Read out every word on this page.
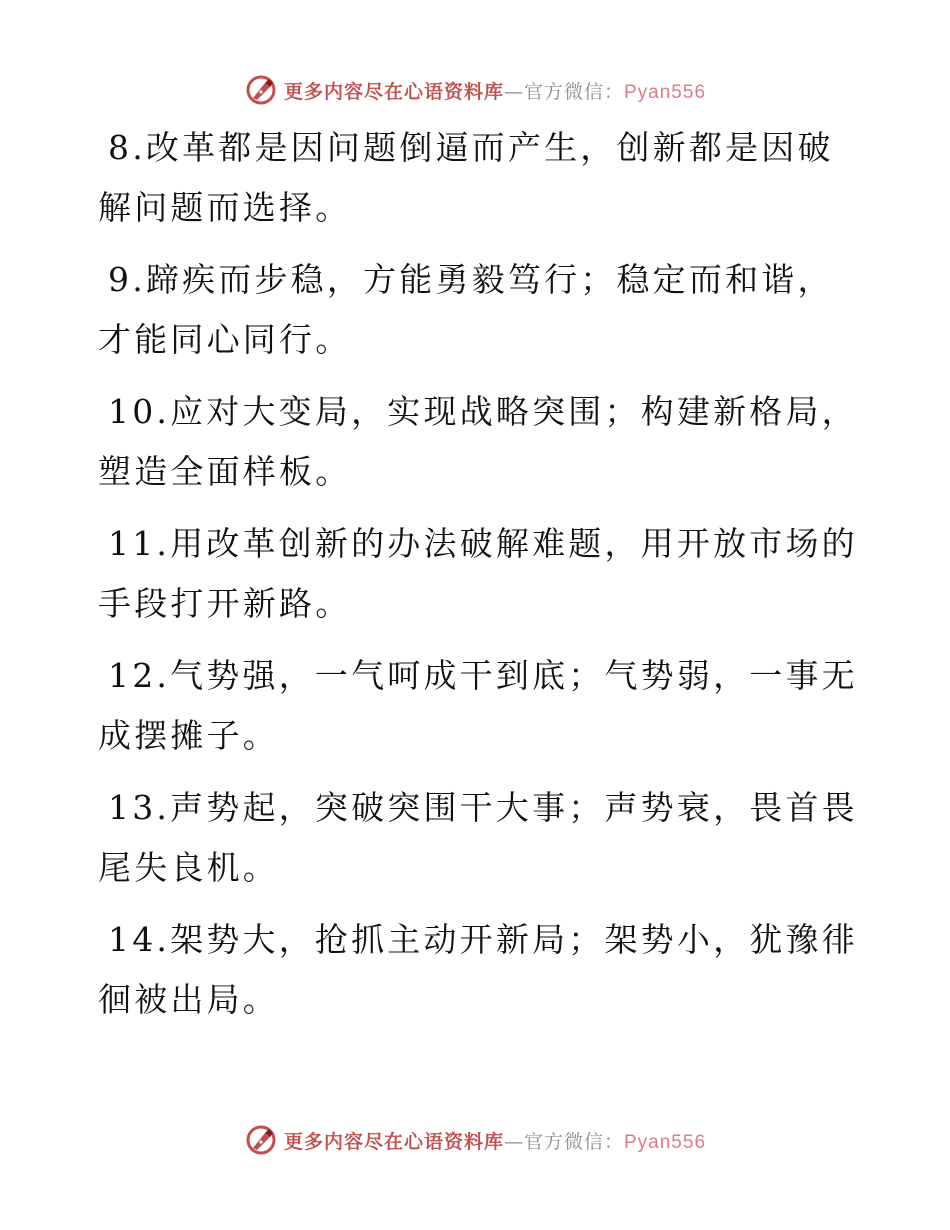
更多内容尽在心语资料库—官方微信：Pyan556

8.改革都是因问题倒逼而产生，创新都是因破解问题而选择。

9.蹄疾而步稳，方能勇毅笃行；稳定而和谐，才能同心同行。

10.应对大变局，实现战略突围；构建新格局，塑造全面样板。

11.用改革创新的办法破解难题，用开放市场的手段打开新路。

12.气势强，一气呵成干到底；气势弱，一事无成摆摊子。

13.声势起，突破突围干大事；声势衰，畏首畏尾失良机。

14.架势大，抢抓主动开新局；架势小，犹豫徘徊被出局。

更多内容尽在心语资料库—官方微信：Pyan556
